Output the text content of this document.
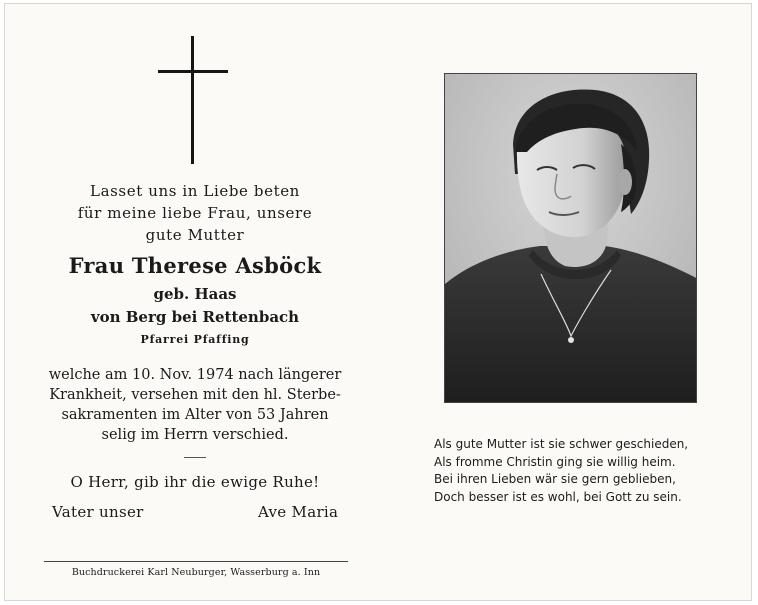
Lasset uns in Liebe beten
für meine liebe Frau, unsere
gute Mutter
Frau Therese Asböck
geb. Haas
von Berg bei Rettenbach
Pfarrei Pfaffing
welche am 10. Nov. 1974 nach längerer
Krankheit, versehen mit den hl. Sterbe-
sakramenten im Alter von 53 Jahren
selig im Herrn verschied.
O Herr, gib ihr die ewige Ruhe!
Vater unser	Ave Maria
Buchdruckerei Karl Neuburger, Wasserburg a. Inn
Als gute Mutter ist sie schwer geschieden,
Als fromme Christin ging sie willig heim.
Bei ihren Lieben wär sie gern geblieben,
Doch besser ist es wohl, bei Gott zu sein.
